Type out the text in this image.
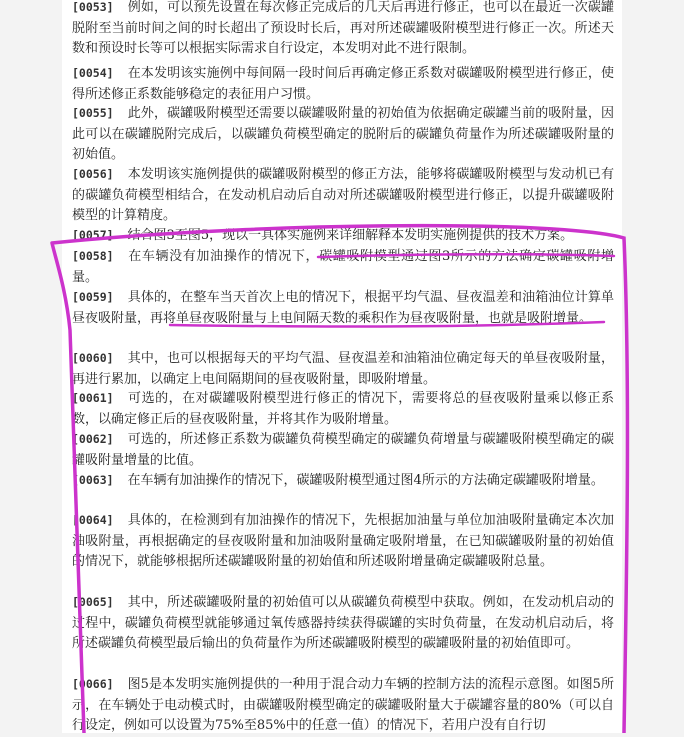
[0053] 例如，可以预先设置在每次修正完成后的几天后再进行修正，也可以在最近一次碳罐脱附至当前时间之间的时长超出了预设时长后，再对所述碳罐吸附模型进行修正一次。所述天数和预设时长等可以根据实际需求自行设定，本发明对此不进行限制。

[0054] 在本发明该实施例中每间隔一段时间后再确定修正系数对碳罐吸附模型进行修正，使得所述修正系数能够稳定的表征用户习惯。

[0055] 此外，碳罐吸附模型还需要以碳罐吸附量的初始值为依据确定碳罐当前的吸附量，因此可以在碳罐脱附完成后，以碳罐负荷模型确定的脱附后的碳罐负荷量作为所述碳罐吸附量的初始值。

[0056] 本发明该实施例提供的碳罐吸附模型的修正方法，能够将碳罐吸附模型与发动机已有的碳罐负荷模型相结合，在发动机启动后自动对所述碳罐吸附模型进行修正，以提升碳罐吸附模型的计算精度。

[0057] 结合图3至图5，现以一具体实施例来详细解释本发明实施例提供的技术方案。

[0058] 在车辆没有加油操作的情况下，碳罐吸附模型通过图3所示的方法确定碳罐吸附增量。

[0059] 具体的，在整车当天首次上电的情况下，根据平均气温、昼夜温差和油箱油位计算单昼夜吸附量，再将单昼夜吸附量与上电间隔天数的乘积作为昼夜吸附量，也就是吸附增量。

[0060] 其中，也可以根据每天的平均气温、昼夜温差和油箱油位确定每天的单昼夜吸附量，再进行累加，以确定上电间隔期间的昼夜吸附量，即吸附增量。

[0061] 可选的，在对碳罐吸附模型进行修正的情况下，需要将总的昼夜吸附量乘以修正系数，以确定修正后的昼夜吸附量，并将其作为吸附增量。

[0062] 可选的，所述修正系数为碳罐负荷模型确定的碳罐负荷增量与碳罐吸附模型确定的碳罐吸附量增量的比值。

[0063] 在车辆有加油操作的情况下，碳罐吸附模型通过图4所示的方法确定碳罐吸附增量。

[0064] 具体的，在检测到有加油操作的情况下，先根据加油量与单位加油吸附量确定本次加油吸附量，再根据确定的昼夜吸附量和加油吸附量确定吸附增量，在已知碳罐吸附量的初始值的情况下，就能够根据所述碳罐吸附量的初始值和所述吸附增量确定碳罐吸附总量。

[0065] 其中，所述碳罐吸附量的初始值可以从碳罐负荷模型中获取。例如，在发动机启动的过程中，碳罐负荷模型就能够通过氧传感器持续获得碳罐的实时负荷量，在发动机启动后，将所述碳罐负荷模型最后输出的负荷量作为所述碳罐吸附模型的碳罐吸附量的初始值即可。

[0066] 图5是本发明实施例提供的一种用于混合动力车辆的控制方法的流程示意图。如图5所示，在车辆处于电动模式时，由碳罐吸附模型确定的碳罐吸附量大于碳罐容量的80%（可以自行设定，例如可以设置为75%至85%中的任意一值）的情况下，若用户没有自行切
